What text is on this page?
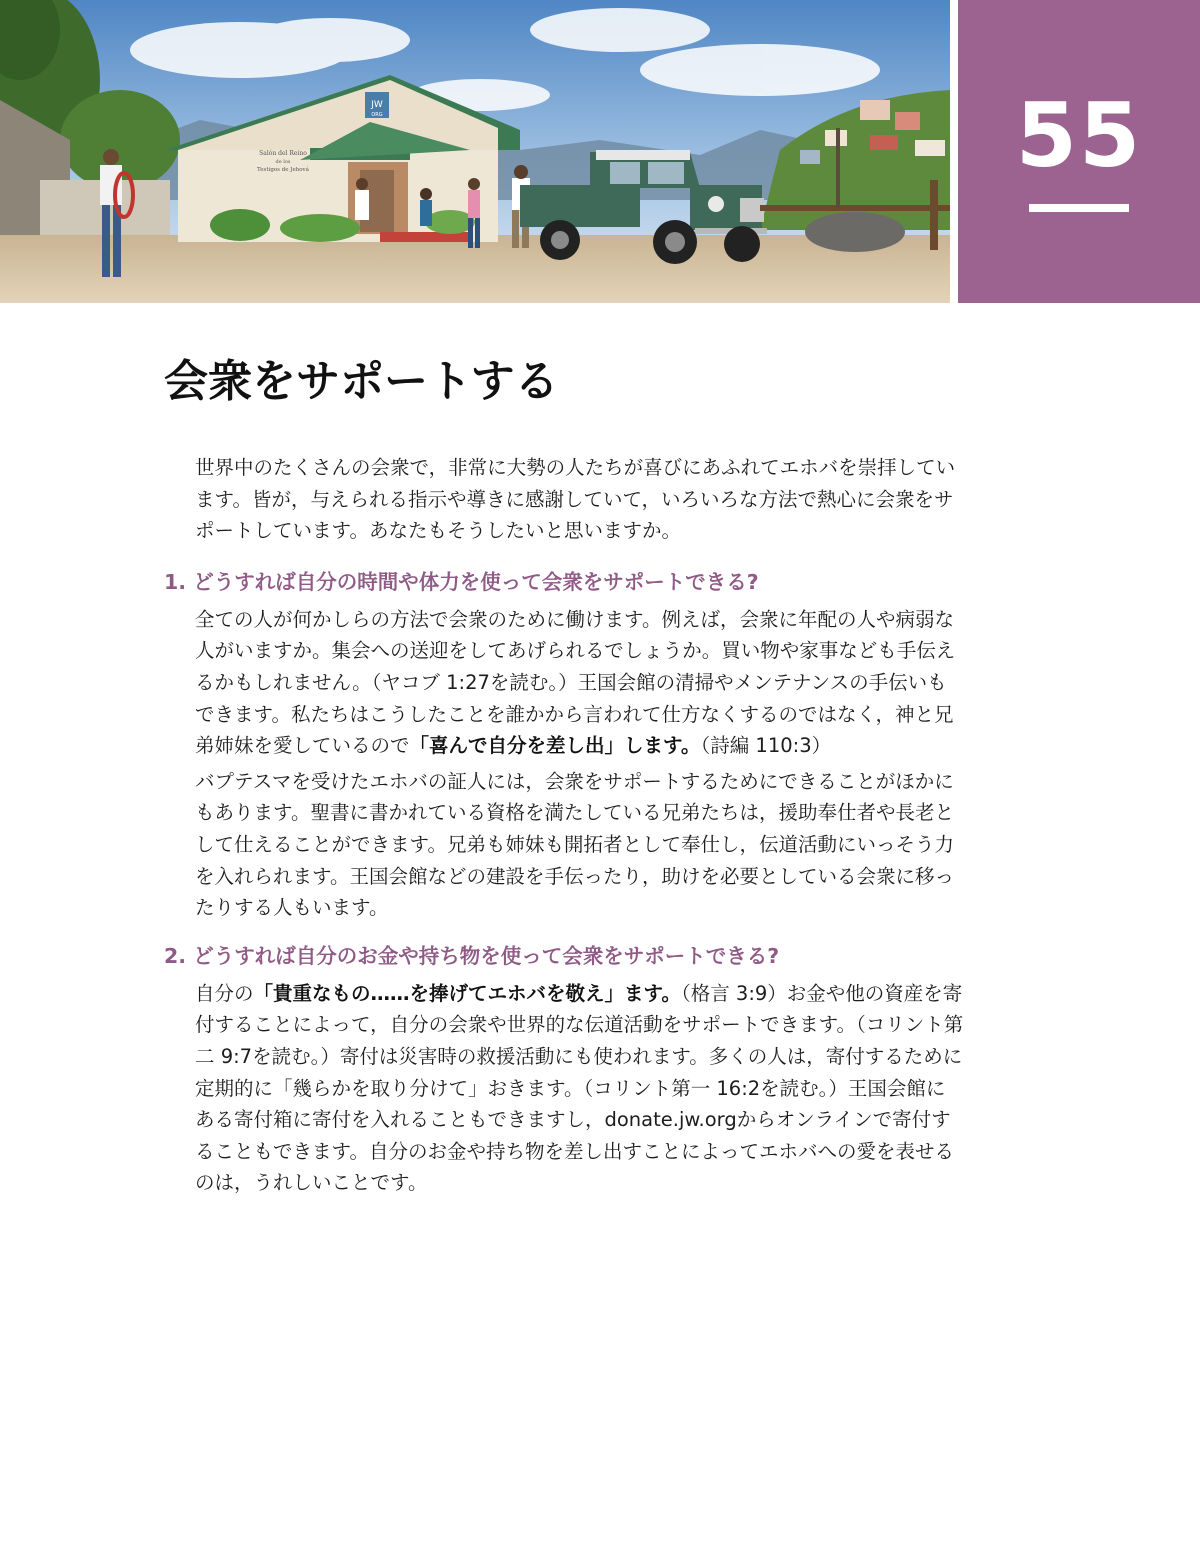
JW
ORG
Salón del Reino
de los
Testigos de Jehová	55
会衆をサポートする

世界中のたくさんの会衆で，非常に大勢の人たちが喜びにあふれてエホバを崇拝しています。皆が，与えられる指示や導きに感謝していて，いろいろな方法で熱心に会衆をサポートしています。あなたもそうしたいと思いますか。

1. どうすれば自分の時間や体力を使って会衆をサポートできる?

全ての人が何かしらの方法で会衆のために働けます。例えば，会衆に年配の人や病弱な人がいますか。集会への送迎をしてあげられるでしょうか。買い物や家事なども手伝えるかもしれません。（ヤコブ 1:27を読む。）王国会館の清掃やメンテナンスの手伝いもできます。私たちはこうしたことを誰かから言われて仕方なくするのではなく，神と兄弟姉妹を愛しているので「喜んで自分を差し出」します。（詩編 110:3）

バプテスマを受けたエホバの証人には，会衆をサポートするためにできることがほかにもあります。聖書に書かれている資格を満たしている兄弟たちは，援助奉仕者や長老として仕えることができます。兄弟も姉妹も開拓者として奉仕し，伝道活動にいっそう力を入れられます。王国会館などの建設を手伝ったり，助けを必要としている会衆に移ったりする人もいます。

2. どうすれば自分のお金や持ち物を使って会衆をサポートできる?

自分の「貴重なもの……を捧げてエホバを敬え」ます。（格言 3:9）お金や他の資産を寄付することによって，自分の会衆や世界的な伝道活動をサポートできます。（コリント第二 9:7を読む。）寄付は災害時の救援活動にも使われます。多くの人は，寄付するために定期的に「幾らかを取り分けて」おきます。（コリント第一 16:2を読む。）王国会館にある寄付箱に寄付を入れることもできますし，donate.jw.orgからオンラインで寄付することもできます。自分のお金や持ち物を差し出すことによってエホバへの愛を表せるのは，うれしいことです。
